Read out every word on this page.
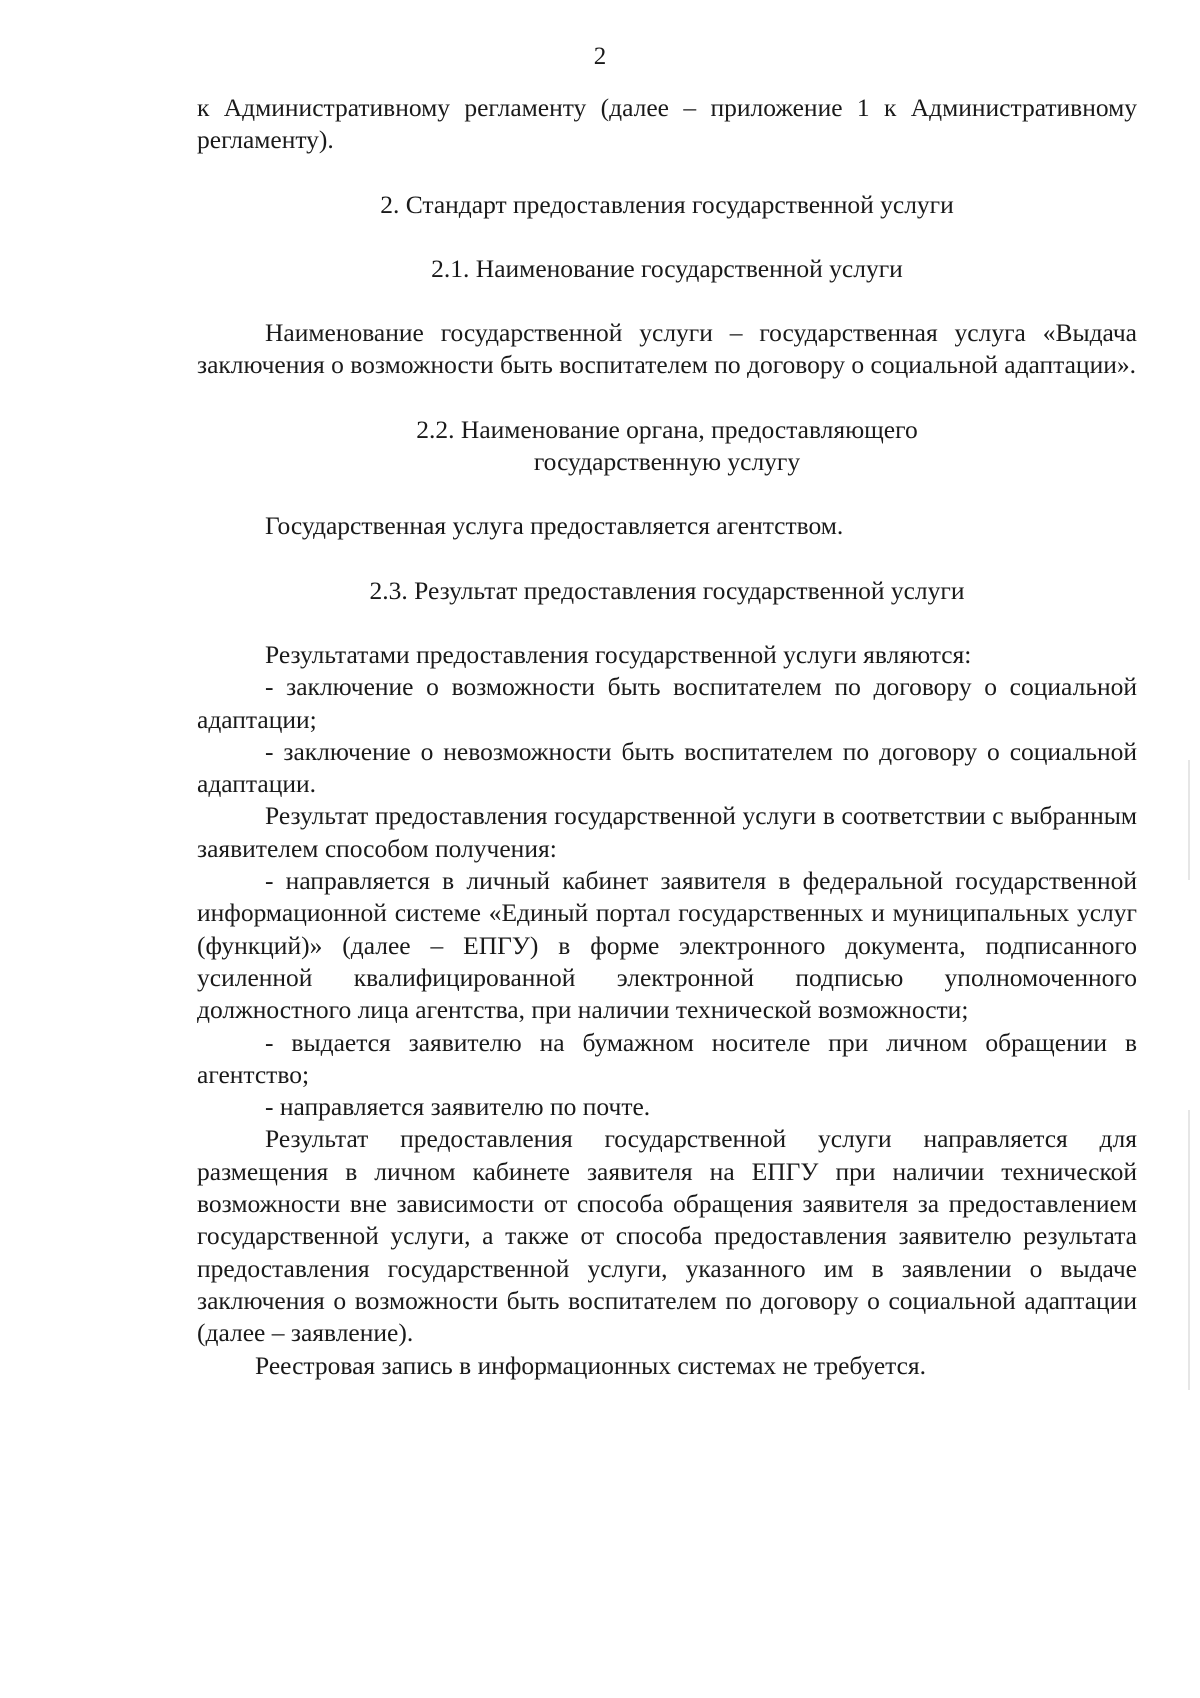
2

к Административному регламенту (далее – приложение 1 к Административному регламенту).

2. Стандарт предоставления государственной услуги

2.1. Наименование государственной услуги

Наименование государственной услуги – государственная услуга «Выдача заключения о возможности быть воспитателем по договору о социальной адаптации».

2.2. Наименование органа, предоставляющего

государственную услугу

Государственная услуга предоставляется агентством.

2.3. Результат предоставления государственной услуги

Результатами предоставления государственной услуги являются:

- заключение о возможности быть воспитателем по договору о социальной адаптации;

- заключение о невозможности быть воспитателем по договору о социальной адаптации.

Результат предоставления государственной услуги в соответствии с выбранным заявителем способом получения:

- направляется в личный кабинет заявителя в федеральной государственной информационной системе «Единый портал государственных и муниципальных услуг (функций)» (далее – ЕПГУ) в форме электронного документа, подписанного усиленной квалифицированной электронной подписью уполномоченного должностного лица агентства, при наличии технической возможности;

- выдается заявителю на бумажном носителе при личном обращении в агентство;

- направляется заявителю по почте.

Результат предоставления государственной услуги направляется для размещения в личном кабинете заявителя на ЕПГУ при наличии технической возможности вне зависимости от способа обращения заявителя за предоставлением государственной услуги, а также от способа предоставления заявителю результата предоставления государственной услуги, указанного им в заявлении о выдаче заключения о возможности быть воспитателем по договору о социальной адаптации (далее – заявление).

Реестровая запись в информационных системах не требуется.
